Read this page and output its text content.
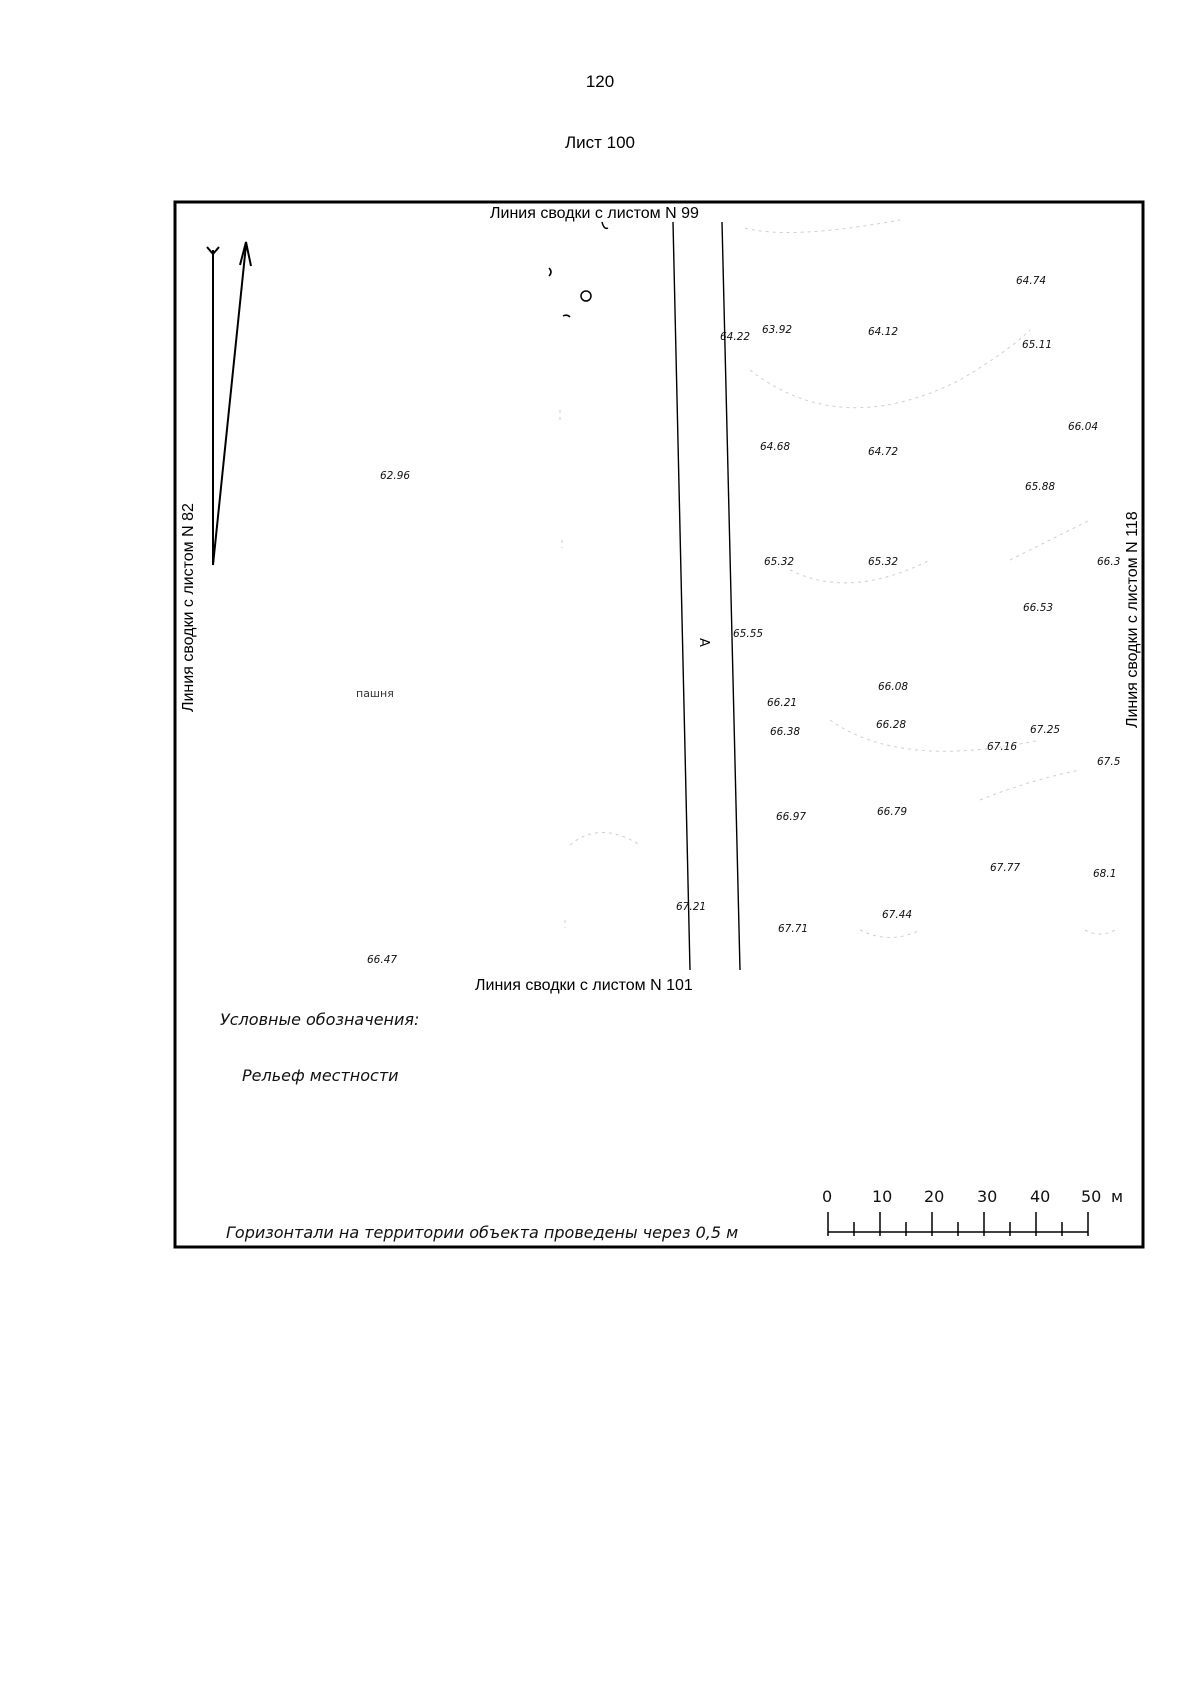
120
Лист 100
Линия сводки с листом N 99
Линия сводки с листом N 101
Линия сводки с листом N 82	Линия сводки с листом N 118
А
пашня
64.74
63.92	64.12
64.22
65.11
66.04
64.68	64.72
62.96
65.88
65.32	65.32	66.3
66.53
65.55
66.08
66.21
66.38
66.28	67.25
67.16
67.5
66.97	66.79
67.77	68.1
67.21
67.71
67.44
66.47
Условные обозначения:
Рельеф местности
Горизонтали на территории объекта проведены через 0,5 м
0 10 20 30 40 50 м
